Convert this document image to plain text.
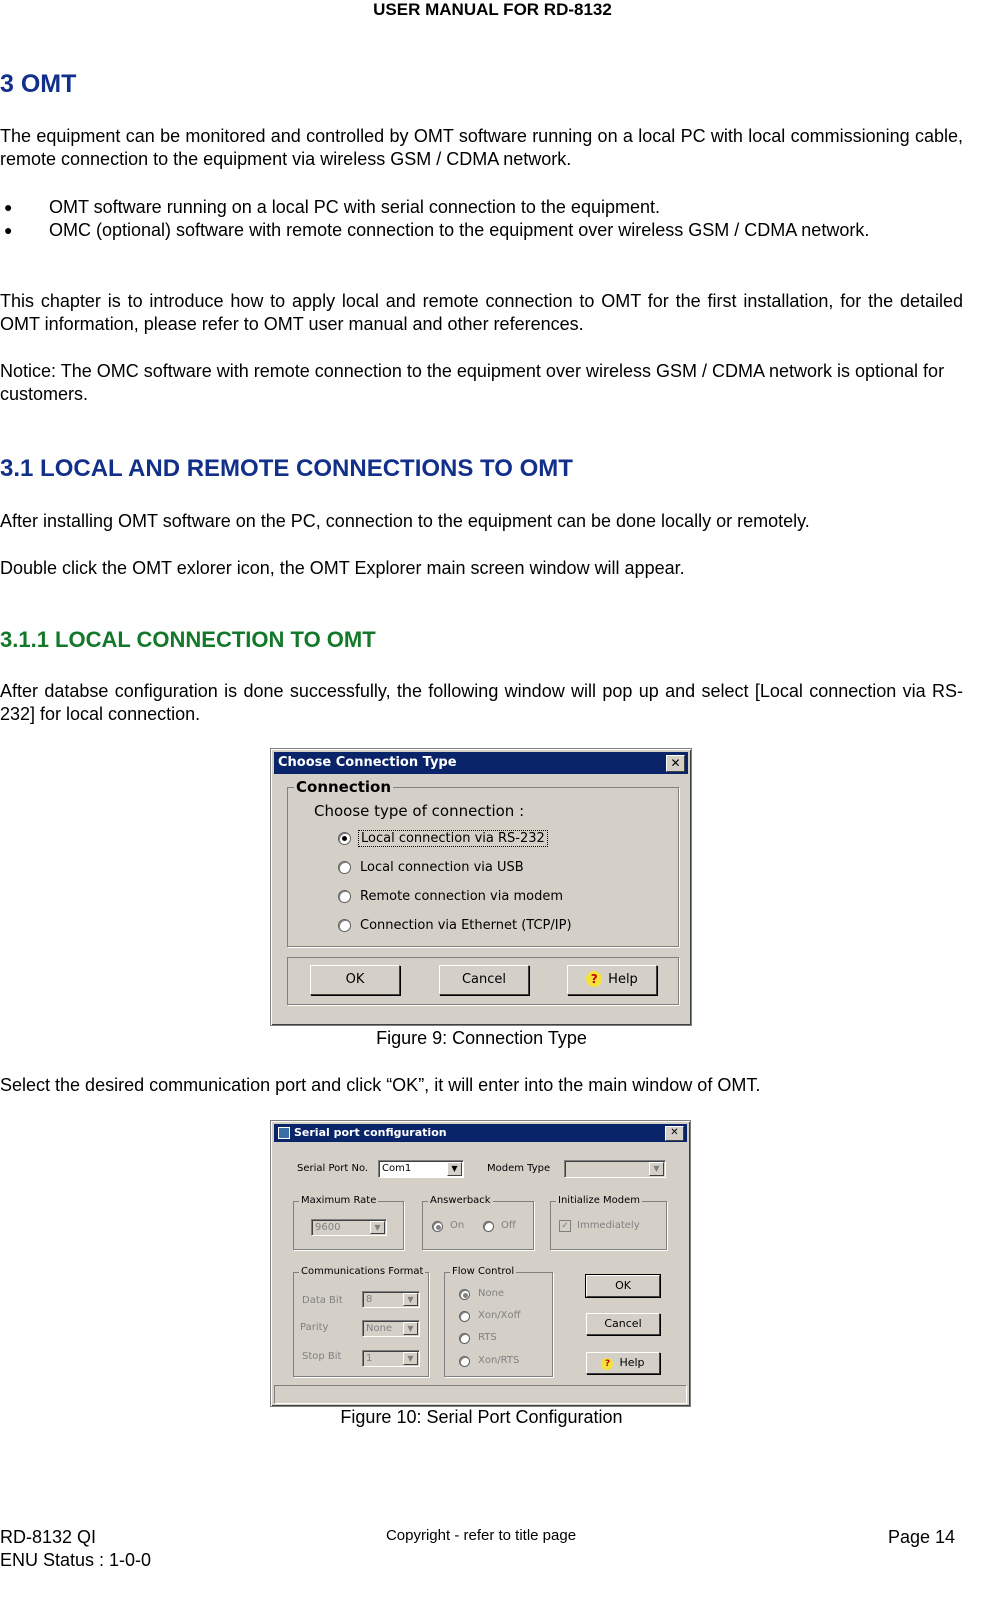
USER MANUAL FOR RD-8132
3 OMT
The equipment can be monitored and controlled by OMT software running on a local PC with local commissioning cable, remote connection to the equipment via wireless GSM / CDMA network.
● OMT software running on a local PC with serial connection to the equipment.
● OMC (optional) software with remote connection to the equipment over wireless GSM / CDMA network.
This chapter is to introduce how to apply local and remote connection to OMT for the first installation, for the detailed OMT information, please refer to OMT user manual and other references.
Notice: The OMC software with remote connection to the equipment over wireless GSM / CDMA network is optional for customers.
3.1 LOCAL AND REMOTE CONNECTIONS TO OMT
After installing OMT software on the PC, connection to the equipment can be done locally or remotely.
Double click the OMT exlorer icon, the OMT Explorer main screen window will appear.
3.1.1 LOCAL CONNECTION TO OMT
After databse configuration is done successfully, the following window will pop up and select [Local connection via RS-232] for local connection.
Choose Connection Type	✕
Connection
Choose type of connection :
Local connection via RS-232
Local connection via USB
Remote connection via modem
Connection via Ethernet (TCP/IP)
OK	Cancel	? Help
Figure 9: Connection Type
Select the desired communication port and click “OK”, it will enter into the main window of OMT.
Serial port configuration	✕
Serial Port No.	Com1	▼	Modem Type	▼
Maximum Rate
9600	▼
Answerback
On	Off
Initialize Modem
✓ Immediately
Communications Format
Data Bit	8	▼
Parity	None	▼
Stop Bit	1	▼
Flow Control
None
Xon/Xoff
RTS
Xon/RTS
OK
Cancel
? Help
Figure 10: Serial Port Configuration
RD-8132 QI
ENU Status : 1-0-0
Copyright - refer to title page	Page 14
